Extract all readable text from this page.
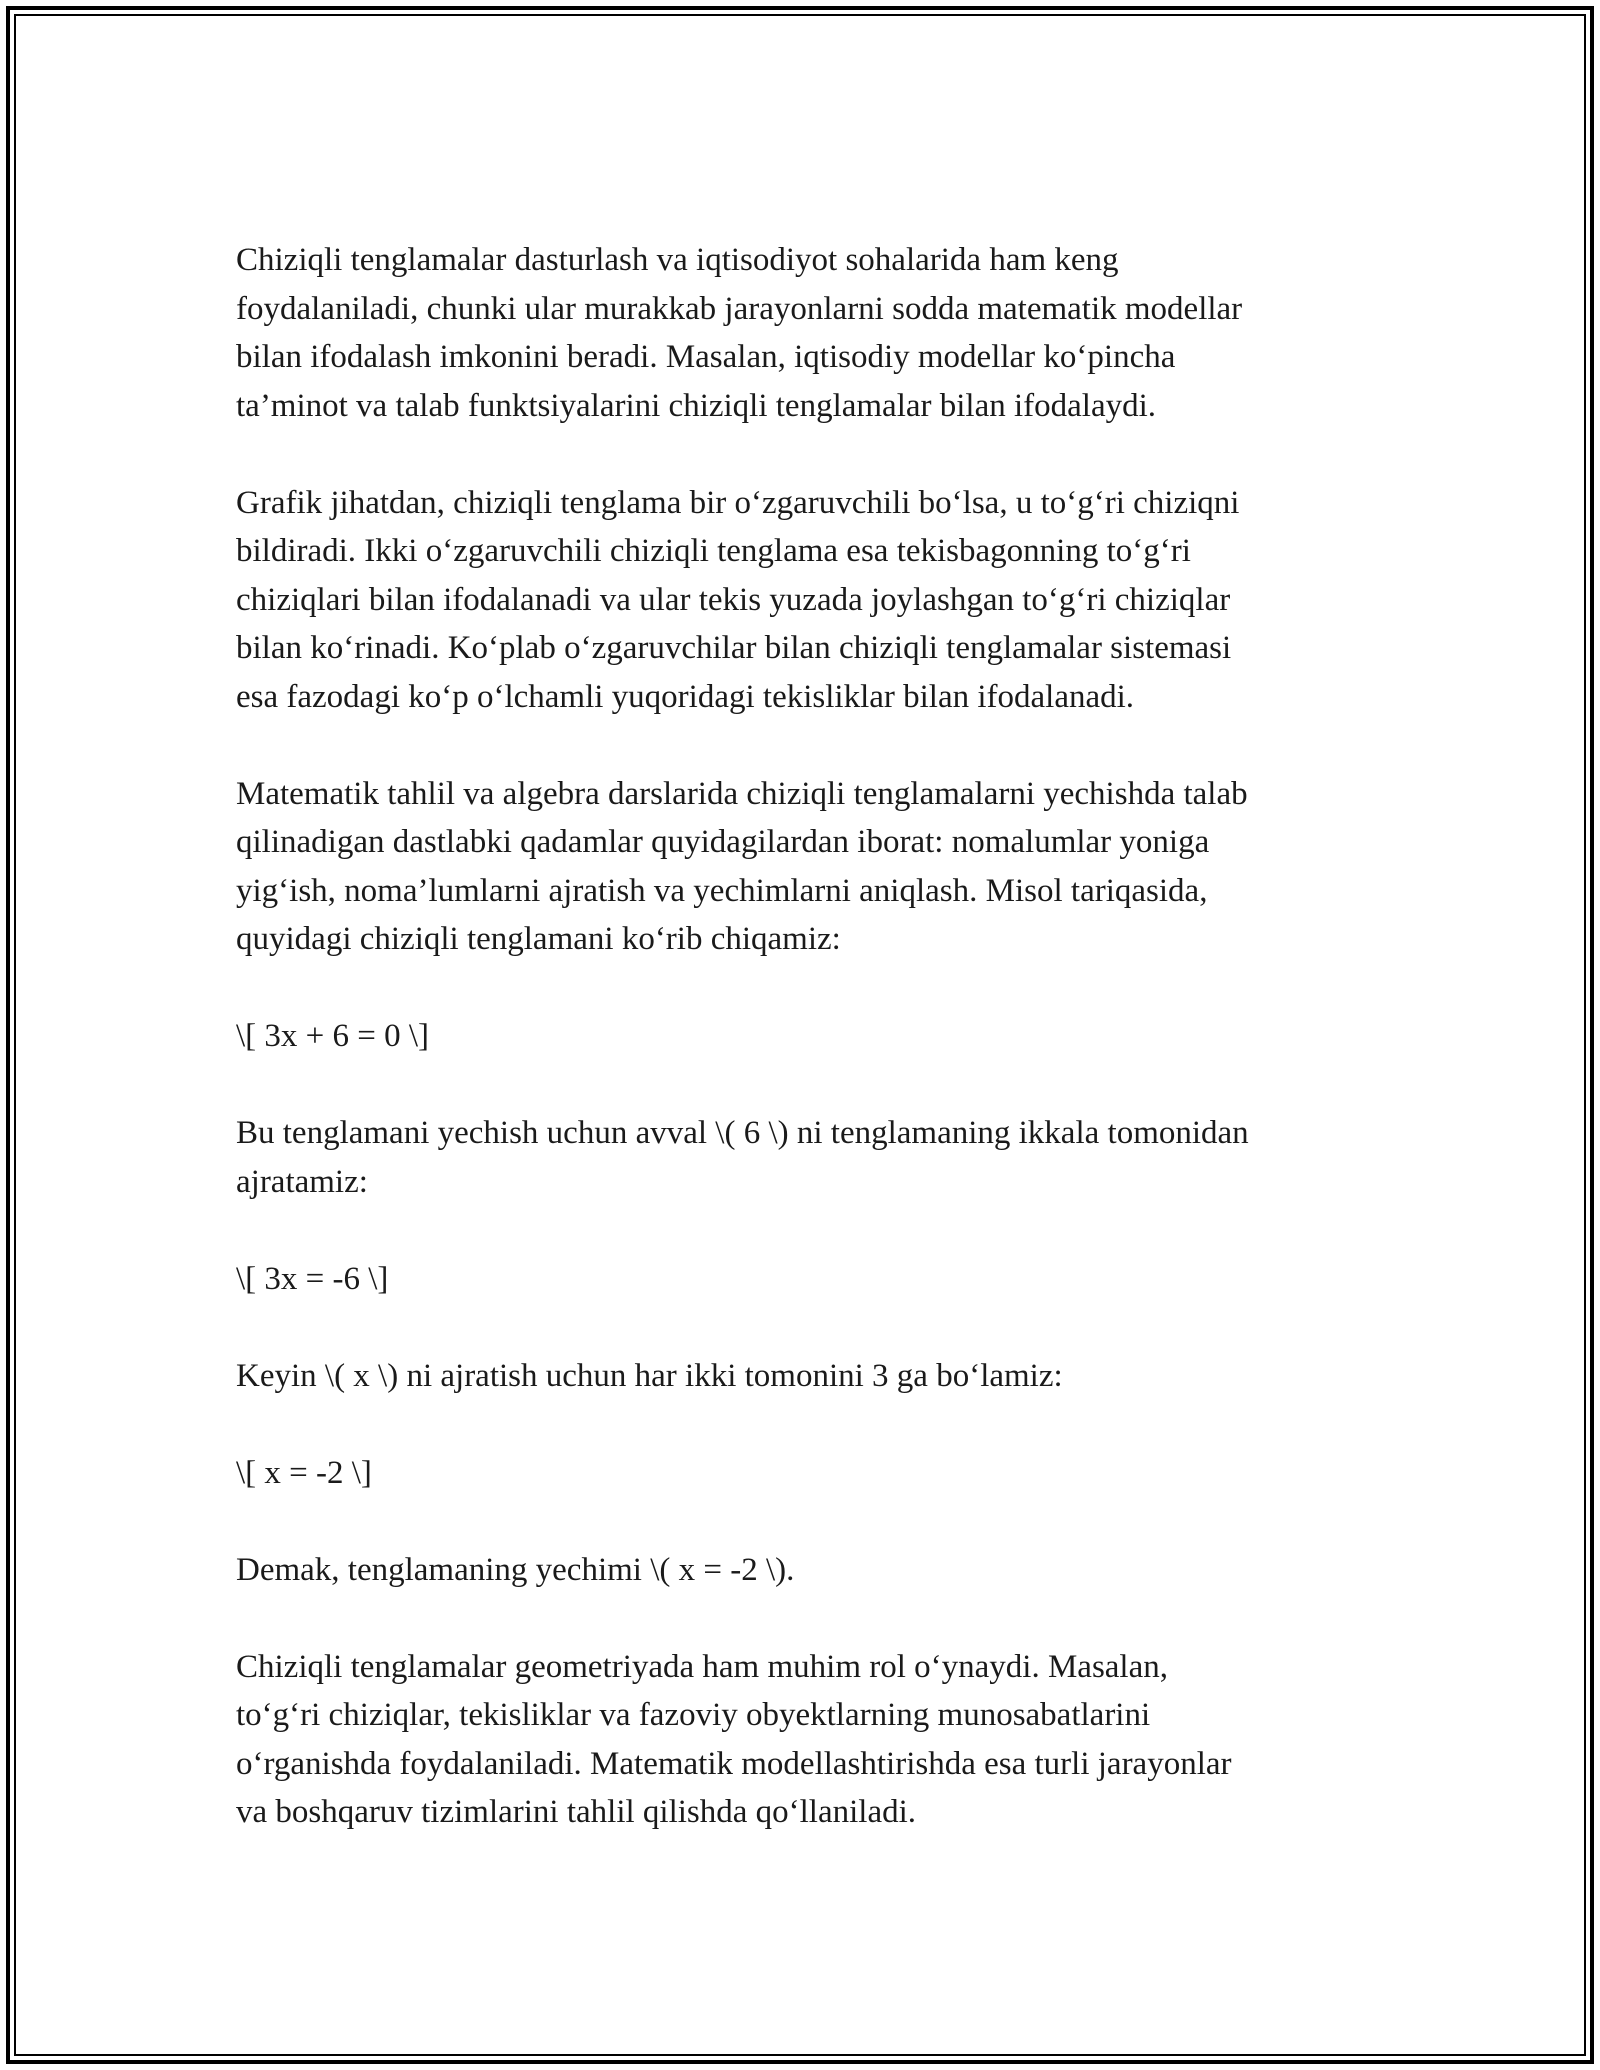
Chiziqli tenglamalar dasturlash va iqtisodiyot sohalarida ham keng
foydalaniladi, chunki ular murakkab jarayonlarni sodda matematik modellar
bilan ifodalash imkonini beradi. Masalan, iqtisodiy modellar koʻpincha
ta’minot va talab funktsiyalarini chiziqli tenglamalar bilan ifodalaydi.

Grafik jihatdan, chiziqli tenglama bir oʻzgaruvchili boʻlsa, u toʻgʻri chiziqni
bildiradi. Ikki oʻzgaruvchili chiziqli tenglama esa tekisbagonning toʻgʻri
chiziqlari bilan ifodalanadi va ular tekis yuzada joylashgan toʻgʻri chiziqlar
bilan koʻrinadi. Koʻplab oʻzgaruvchilar bilan chiziqli tenglamalar sistemasi
esa fazodagi koʻp oʻlchamli yuqoridagi tekisliklar bilan ifodalanadi.

Matematik tahlil va algebra darslarida chiziqli tenglamalarni yechishda talab
qilinadigan dastlabki qadamlar quyidagilardan iborat: nomalumlar yoniga
yigʻish, noma’lumlarni ajratish va yechimlarni aniqlash. Misol tariqasida,
quyidagi chiziqli tenglamani koʻrib chiqamiz:

\[ 3x + 6 = 0 \]

Bu tenglamani yechish uchun avval \( 6 \) ni tenglamaning ikkala tomonidan
ajratamiz:

\[ 3x = -6 \]

Keyin \( x \) ni ajratish uchun har ikki tomonini 3 ga boʻlamiz:

\[ x = -2 \]

Demak, tenglamaning yechimi \( x = -2 \).

Chiziqli tenglamalar geometriyada ham muhim rol oʻynaydi. Masalan,
toʻgʻri chiziqlar, tekisliklar va fazoviy obyektlarning munosabatlarini
oʻrganishda foydalaniladi. Matematik modellashtirishda esa turli jarayonlar
va boshqaruv tizimlarini tahlil qilishda qoʻllaniladi.
